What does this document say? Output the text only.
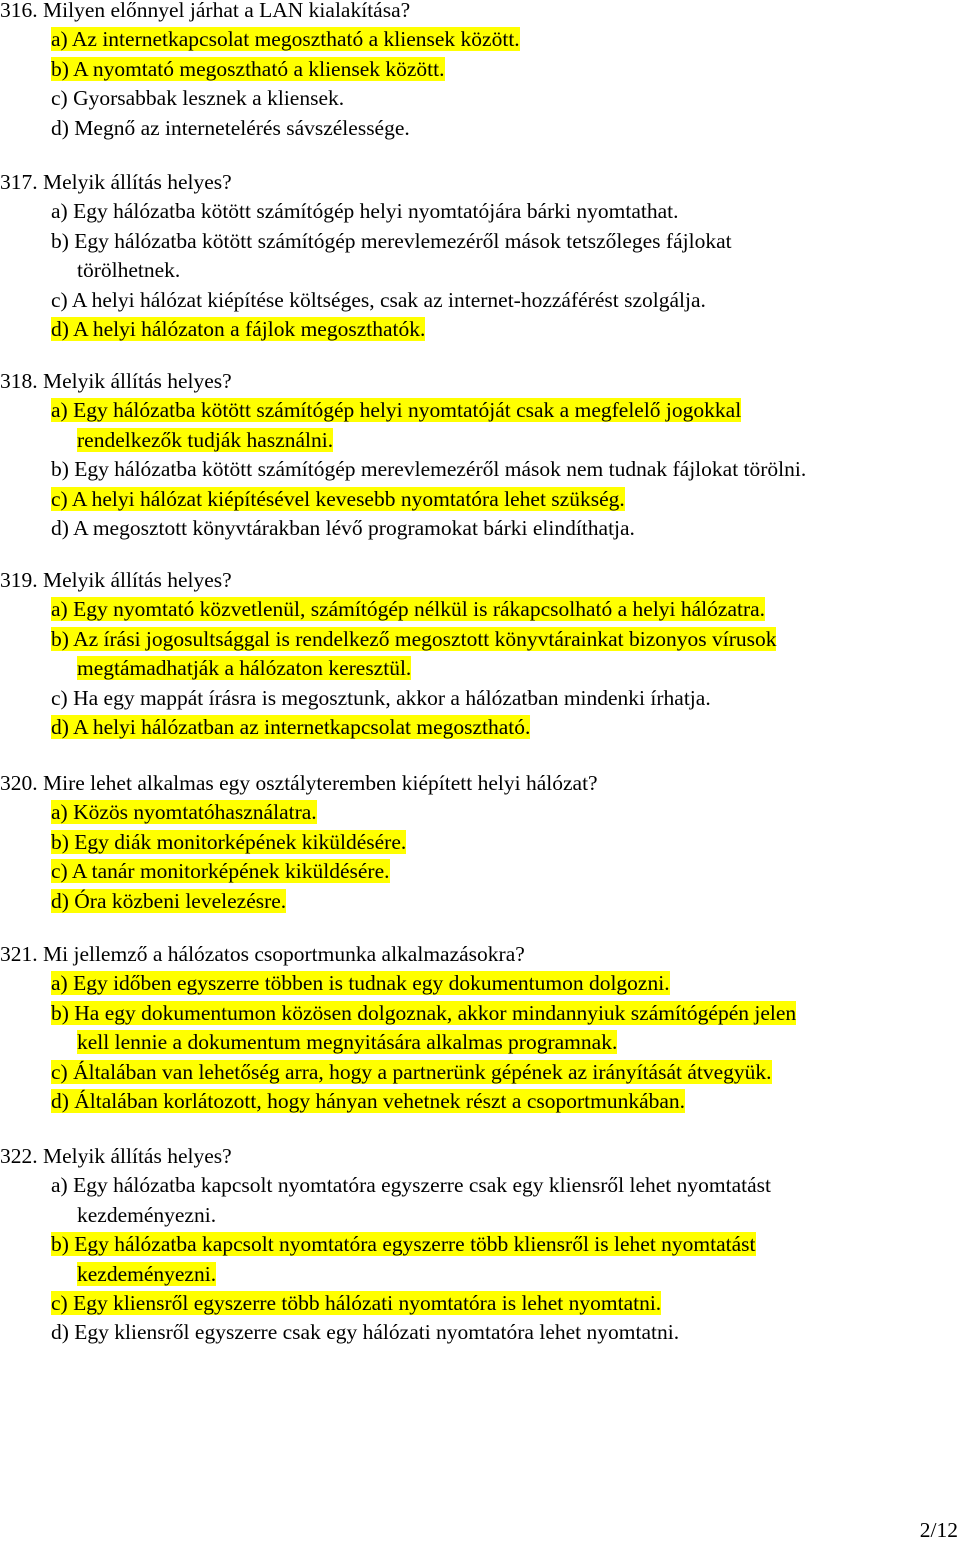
316. Milyen előnnyel járhat a LAN kialakítása?
a) Az internetkapcsolat megosztható a kliensek között.
b) A nyomtató megosztható a kliensek között.
c) Gyorsabbak lesznek a kliensek.
d) Megnő az internetelérés sávszélessége.
317. Melyik állítás helyes?
a) Egy hálózatba kötött számítógép helyi nyomtatójára bárki nyomtathat.
b) Egy hálózatba kötött számítógép merevlemezéről mások tetszőleges fájlokat
törölhetnek.
c) A helyi hálózat kiépítése költséges, csak az internet-hozzáférést szolgálja.
d) A helyi hálózaton a fájlok megoszthatók.
318. Melyik állítás helyes?
a) Egy hálózatba kötött számítógép helyi nyomtatóját csak a megfelelő jogokkal
rendelkezők tudják használni.
b) Egy hálózatba kötött számítógép merevlemezéről mások nem tudnak fájlokat törölni.
c) A helyi hálózat kiépítésével kevesebb nyomtatóra lehet szükség.
d) A megosztott könyvtárakban lévő programokat bárki elindíthatja.
319. Melyik állítás helyes?
a) Egy nyomtató közvetlenül, számítógép nélkül is rákapcsolható a helyi hálózatra.
b) Az írási jogosultsággal is rendelkező megosztott könyvtárainkat bizonyos vírusok
megtámadhatják a hálózaton keresztül.
c) Ha egy mappát írásra is megosztunk, akkor a hálózatban mindenki írhatja.
d) A helyi hálózatban az internetkapcsolat megosztható.
320. Mire lehet alkalmas egy osztályteremben kiépített helyi hálózat?
a) Közös nyomtatóhasználatra.
b) Egy diák monitorképének kiküldésére.
c) A tanár monitorképének kiküldésére.
d) Óra közbeni levelezésre.
321. Mi jellemző a hálózatos csoportmunka alkalmazásokra?
a) Egy időben egyszerre többen is tudnak egy dokumentumon dolgozni.
b) Ha egy dokumentumon közösen dolgoznak, akkor mindannyiuk számítógépén jelen
kell lennie a dokumentum megnyitására alkalmas programnak.
c) Általában van lehetőség arra, hogy a partnerünk gépének az irányítását átvegyük.
d) Általában korlátozott, hogy hányan vehetnek részt a csoportmunkában.
322. Melyik állítás helyes?
a) Egy hálózatba kapcsolt nyomtatóra egyszerre csak egy kliensről lehet nyomtatást
kezdeményezni.
b) Egy hálózatba kapcsolt nyomtatóra egyszerre több kliensről is lehet nyomtatást
kezdeményezni.
c) Egy kliensről egyszerre több hálózati nyomtatóra is lehet nyomtatni.
d) Egy kliensről egyszerre csak egy hálózati nyomtatóra lehet nyomtatni.
2/12
